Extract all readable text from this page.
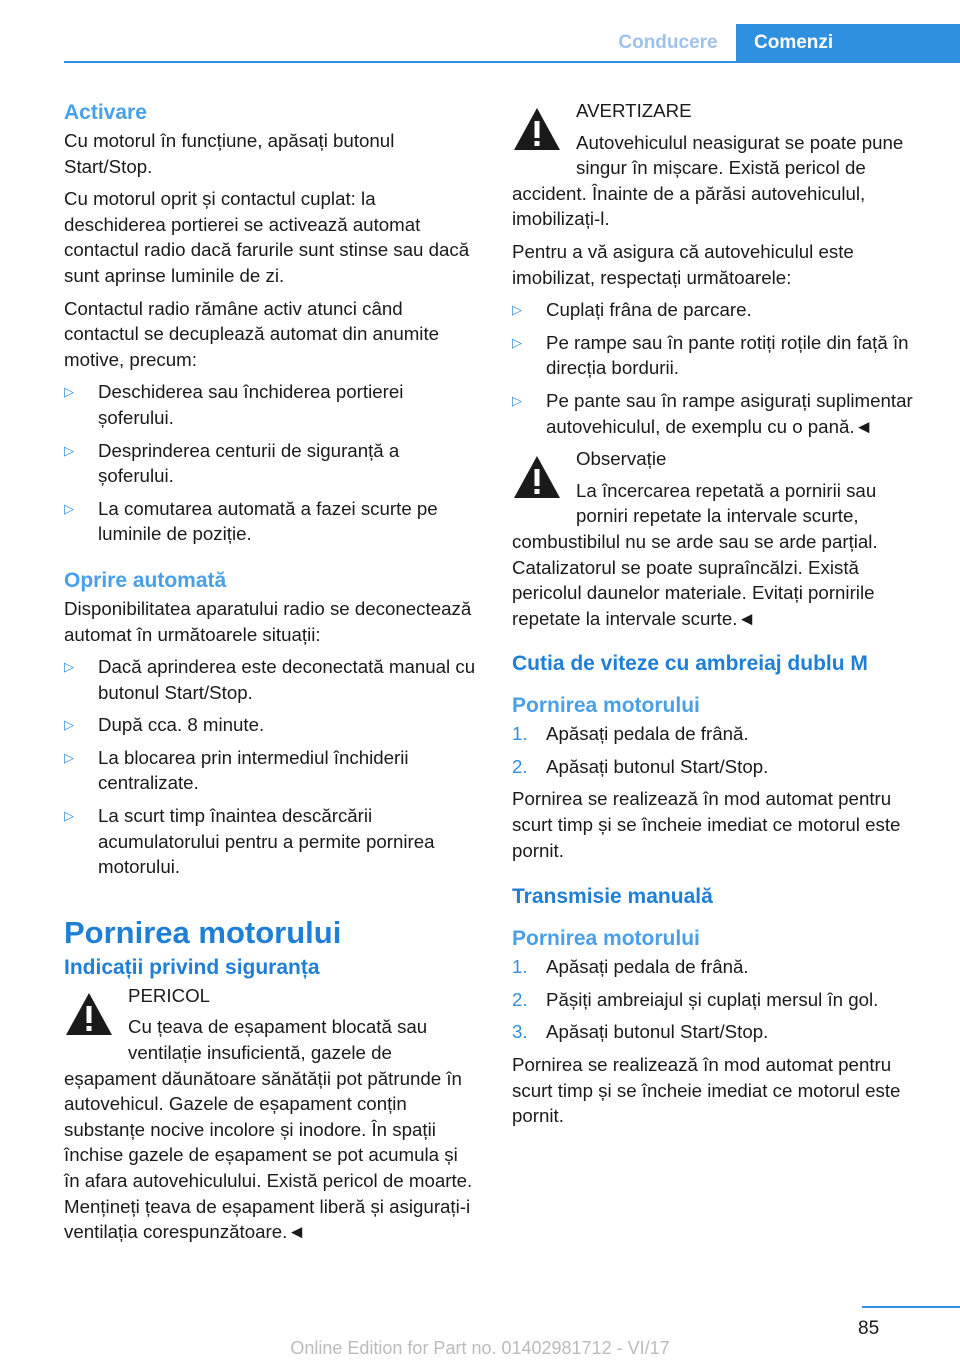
Conducere	Comenzi
Activare

Cu motorul în funcțiune, apăsați butonul Start/Stop.

Cu motorul oprit și contactul cuplat: la deschiderea portierei se activează automat contactul radio dacă farurile sunt stinse sau dacă sunt aprinse luminile de zi.

Contactul radio rămâne activ atunci când contactul se decuplează automat din anumite motive, precum:

▷ Deschiderea sau închiderea portierei șoferului.
▷ Desprinderea centurii de siguranță a șoferului.
▷ La comutarea automată a fazei scurte pe luminile de poziție.
Oprire automată

Disponibilitatea aparatului radio se deconectează automat în următoarele situații:

▷ Dacă aprinderea este deconectată manual cu butonul Start/Stop.
▷ După cca. 8 minute.
▷ La blocarea prin intermediul închiderii centralizate.
▷ La scurt timp înaintea descărcării acumulatorului pentru a permite pornirea motorului.
Pornirea motorului
Indicații privind siguranța
PERICOL
Cu țeava de eșapament blocată sau ventilație insuficientă, gazele de eșapament dăunătoare sănătății pot pătrunde în autovehicul. Gazele de eșapament conțin substanțe nocive incolore și inodore. În spații închise gazele de eșapament se pot acumula și în afara autovehiculului. Există pericol de moarte. Mențineți țeava de eșapament liberă și asigurați-i ventilația corespunzătoare.◄
AVERTIZARE
Autovehiculul neasigurat se poate pune singur în mișcare. Există pericol de accident. Înainte de a părăsi autovehiculul, imobilizați-l.

Pentru a vă asigura că autovehiculul este imobilizat, respectați următoarele:

▷ Cuplați frâna de parcare.
▷ Pe rampe sau în pante rotiți roțile din față în direcția bordurii.
▷ Pe pante sau în rampe asigurați suplimentar autovehiculul, de exemplu cu o pană.◄
Observație
La încercarea repetată a pornirii sau porniri repetate la intervale scurte, combustibilul nu se arde sau se arde parțial. Catalizatorul se poate supraîncălzi. Există pericolul daunelor materiale. Evitați pornirile repetate la intervale scurte.◄
Cutia de viteze cu ambreiaj dublu M
Pornirea motorului
1. Apăsați pedala de frână.
2. Apăsați butonul Start/Stop.

Pornirea se realizează în mod automat pentru scurt timp și se încheie imediat ce motorul este pornit.

Transmisie manuală
Pornirea motorului
1. Apăsați pedala de frână.
2. Pășiți ambreiajul și cuplați mersul în gol.
3. Apăsați butonul Start/Stop.

Pornirea se realizează în mod automat pentru scurt timp și se încheie imediat ce motorul este pornit.

85
Online Edition for Part no. 01402981712 - VI/17
